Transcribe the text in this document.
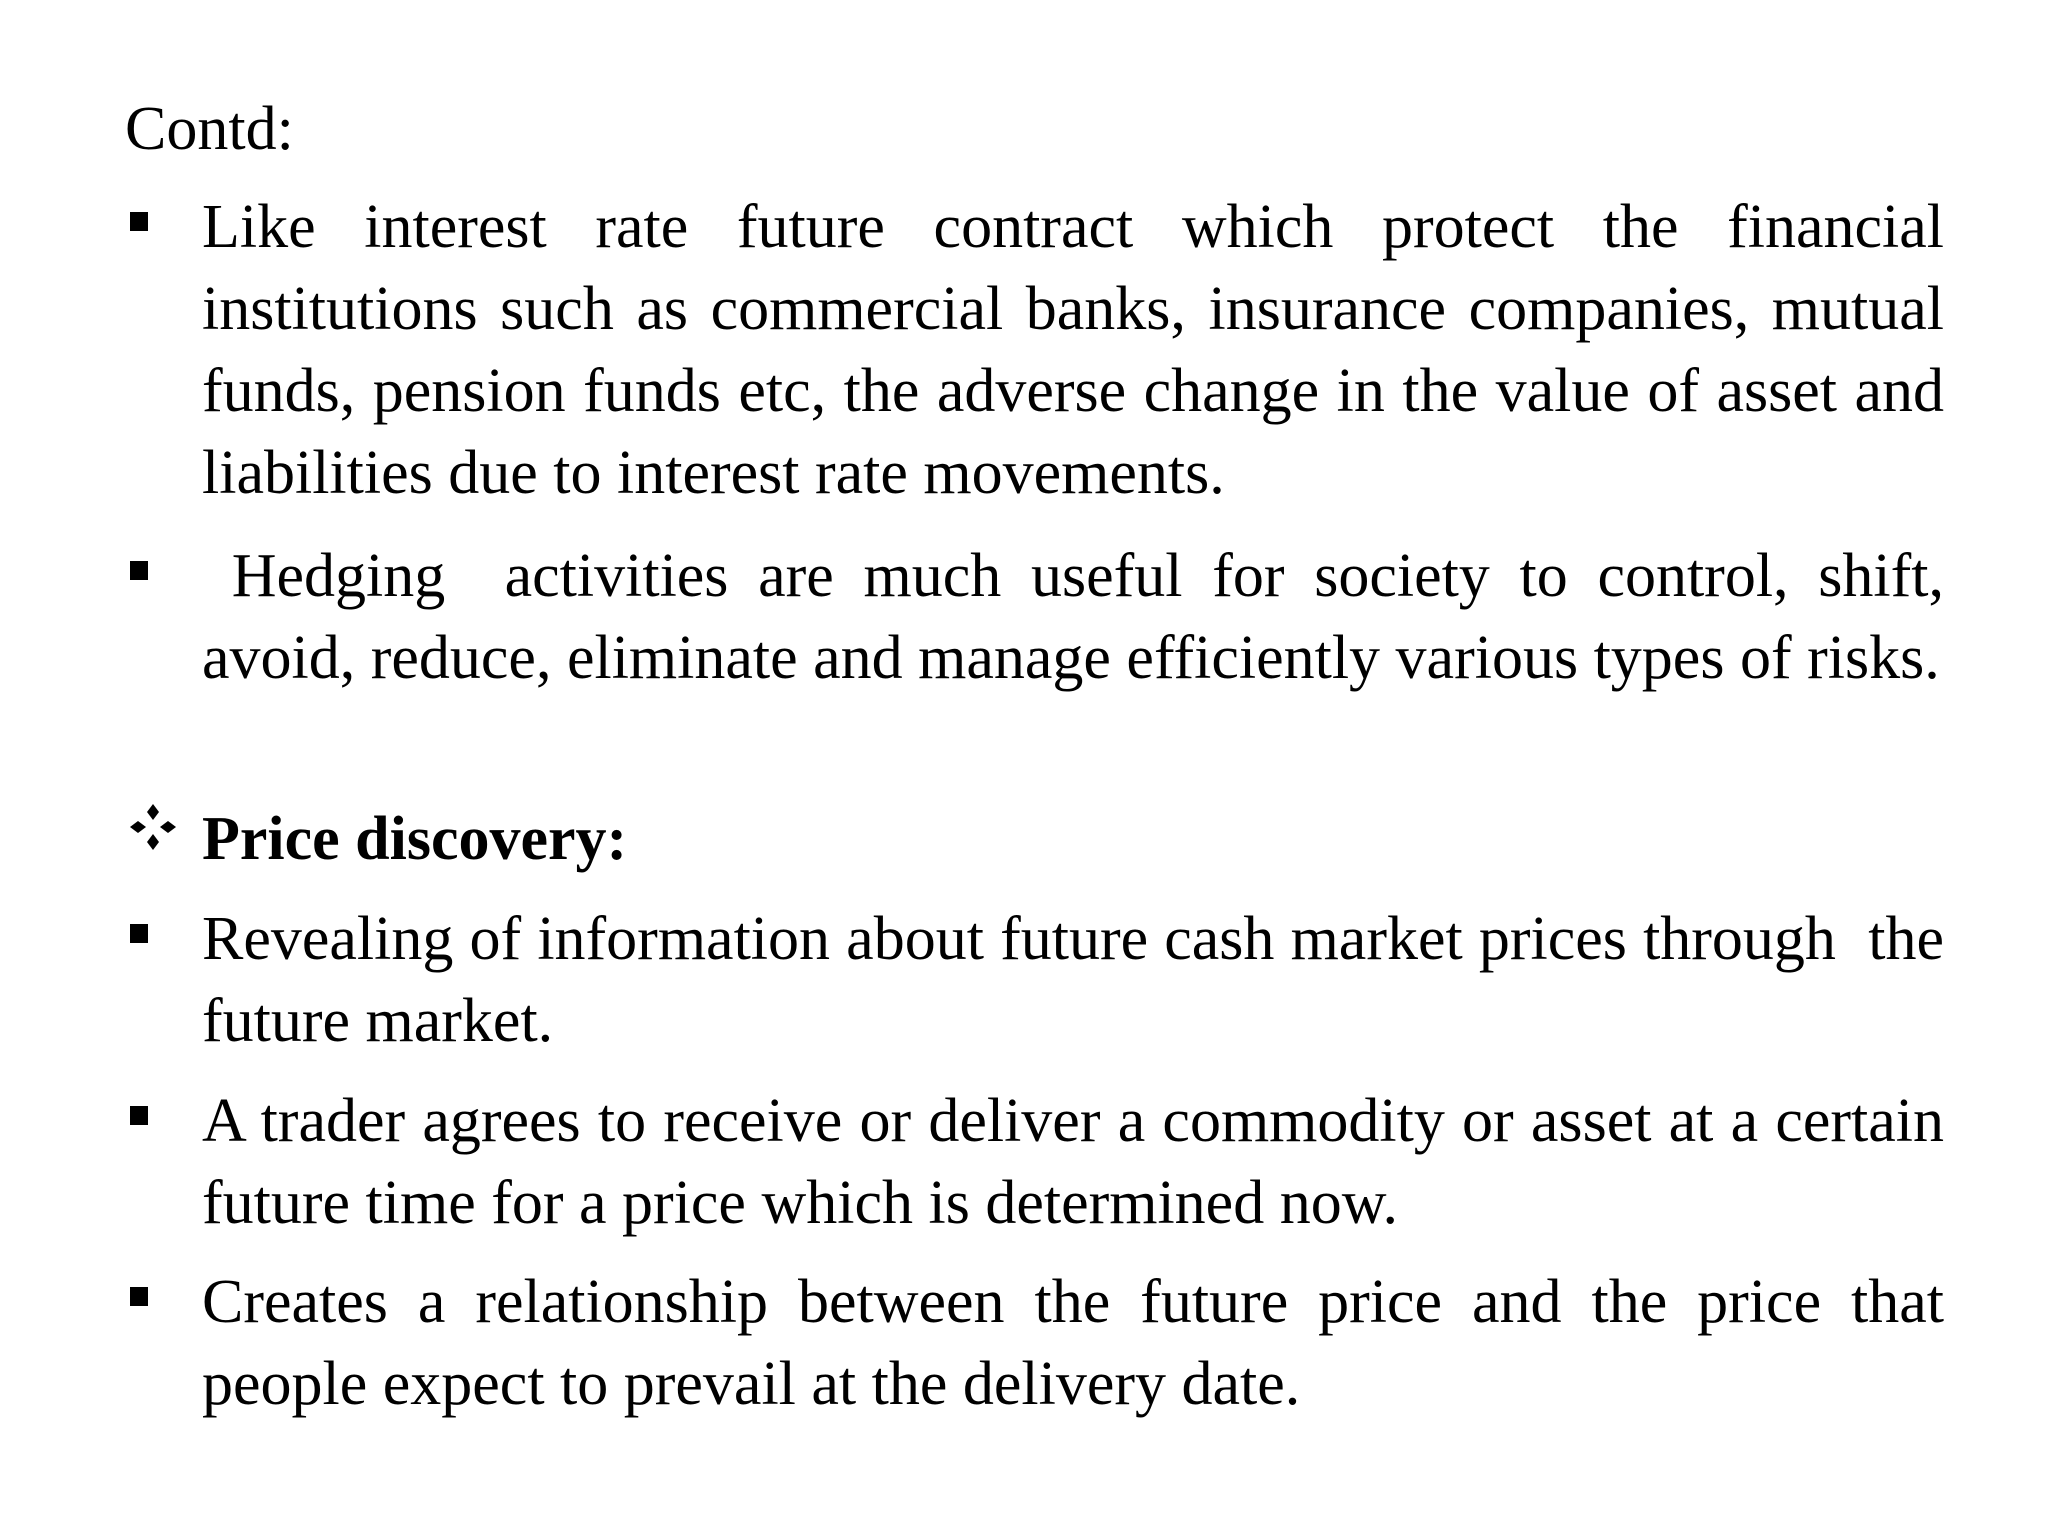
Contd:

Like interest rate future contract which protect the financial institutions such as commercial banks, insurance companies, mutual funds, pension funds etc, the adverse change in the value of asset and liabilities due to interest rate movements.

Hedging  activities are much useful for society to control, shift, avoid, reduce, eliminate and manage efficiently various types of risks.

Price discovery:

Revealing of information about future cash market prices through  the future market.

A trader agrees to receive or deliver a commodity or asset at a certain future time for a price which is determined now.

Creates a relationship between the future price and the price that people expect to prevail at the delivery date.
